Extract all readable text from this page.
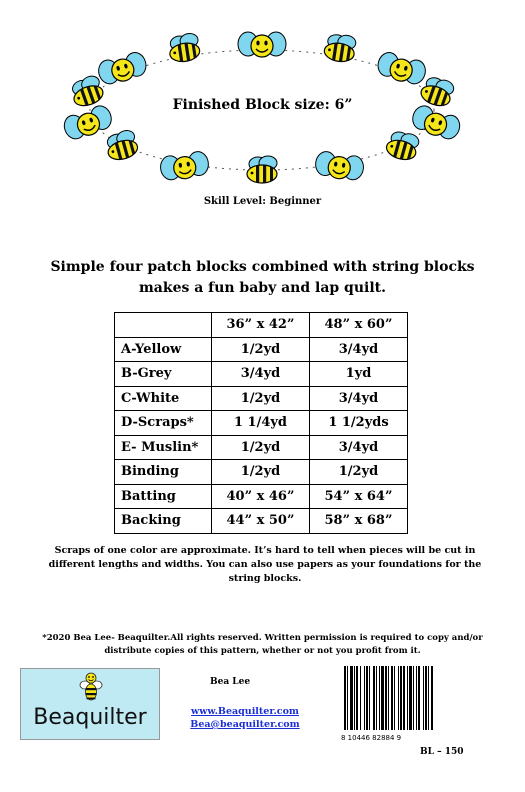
Finished Block size: 6”
Skill Level: Beginner
Simple four patch blocks combined with string blocks
makes a fun baby and lap quilt.
	36” x 42”	48” x 60”
A-Yellow	1/2yd	3/4yd
B-Grey	3/4yd	1yd
C-White	1/2yd	3/4yd
D-Scraps*	1 1/4yd	1 1/2yds
E- Muslin*	1/2yd	3/4yd
Binding	1/2yd	1/2yd
Batting	40” x 46”	54” x 64”
Backing	44” x 50”	58” x 68”
Scraps of one color are approximate. It’s hard to tell when pieces will be cut in
different lengths and widths. You can also use papers as your foundations for the
string blocks.
*2020 Bea Lee- Beaquilter.All rights reserved. Written permission is required to copy and/or
distribute copies of this pattern, whether or not you profit from it.
Beaquilter
Bea Lee
www.Beaquilter.com
Bea@beaquilter.com
8 10446 82884 9
BL – 150
